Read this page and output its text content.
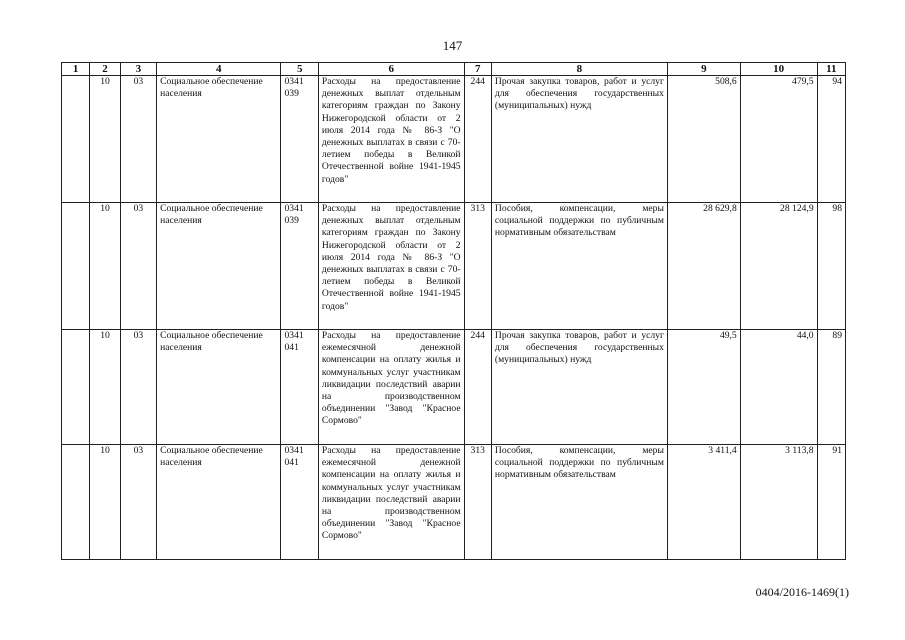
147
1	2	3	4	5	6	7	8	9	10	11
	10	03	Социальное обеспечение населения	0341 039	Расходы на предоставление денежных выплат отдельным категориям граждан по Закону Нижегородской области от 2 июля 2014 года № 86-З "О денежных выплатах в связи с 70-летием победы в Великой Отечественной войне 1941-1945 годов"	244	Прочая закупка товаров, работ и услуг для обеспечения государственных (муниципальных) нужд	508,6	479,5	94
	10	03	Социальное обеспечение населения	0341 039	Расходы на предоставление денежных выплат отдельным категориям граждан по Закону Нижегородской области от 2 июля 2014 года № 86-З "О денежных выплатах в связи с 70-летием победы в Великой Отечественной войне 1941-1945 годов"	313	Пособия, компенсации, меры социальной поддержки по публичным нормативным обязательствам	28 629,8	28 124,9	98
	10	03	Социальное обеспечение населения	0341 041	Расходы на предоставление ежемесячной денежной компенсации на оплату жилья и коммунальных услуг участникам ликвидации последствий аварии на производственном объединении "Завод "Красное Сормово"	244	Прочая закупка товаров, работ и услуг для обеспечения государственных (муниципальных) нужд	49,5	44,0	89
	10	03	Социальное обеспечение населения	0341 041	Расходы на предоставление ежемесячной денежной компенсации на оплату жилья и коммунальных услуг участникам ликвидации последствий аварии на производственном объединении "Завод "Красное Сормово"	313	Пособия, компенсации, меры социальной поддержки по публичным нормативным обязательствам	3 411,4	3 113,8	91
0404/2016-1469(1)
